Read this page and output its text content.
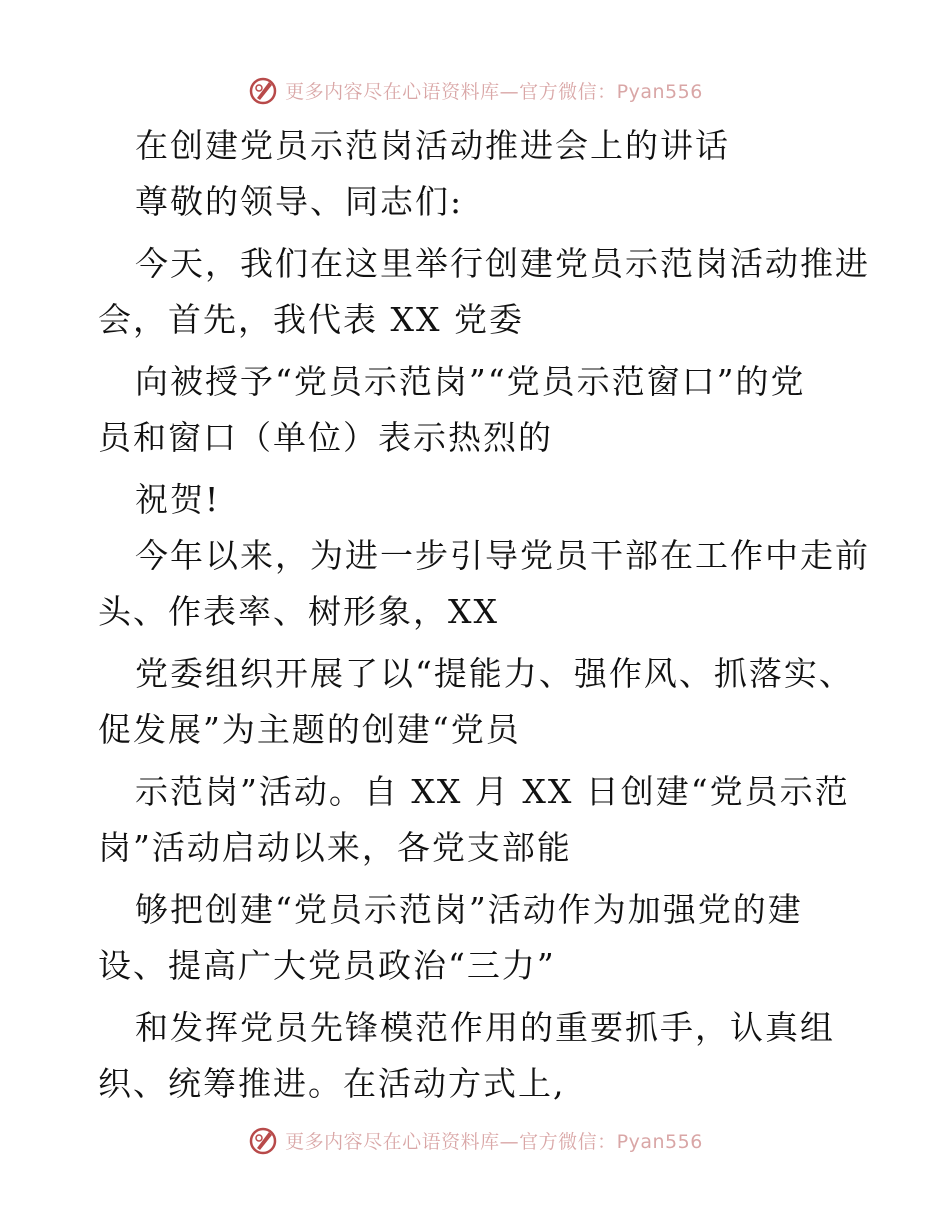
更多内容尽在心语资料库—官方微信：Pyan556
在创建党员示范岗活动推进会上的讲话
尊敬的领导、同志们:
今天，我们在这里举行创建党员示范岗活动推进
会，首先，我代表 XX 党委
向被授予“党员示范岗”“党员示范窗口”的党
员和窗口（单位）表示热烈的
祝贺!
今年以来，为进一步引导党员干部在工作中走前
头、作表率、树形象，XX
党委组织开展了以“提能力、强作风、抓落实、
促发展”为主题的创建“党员
示范岗”活动。自 XX 月 XX 日创建“党员示范
岗”活动启动以来，各党支部能
够把创建“党员示范岗”活动作为加强党的建
设、提高广大党员政治“三力”
和发挥党员先锋模范作用的重要抓手，认真组
织、统筹推进。在活动方式上,
更多内容尽在心语资料库—官方微信：Pyan556
